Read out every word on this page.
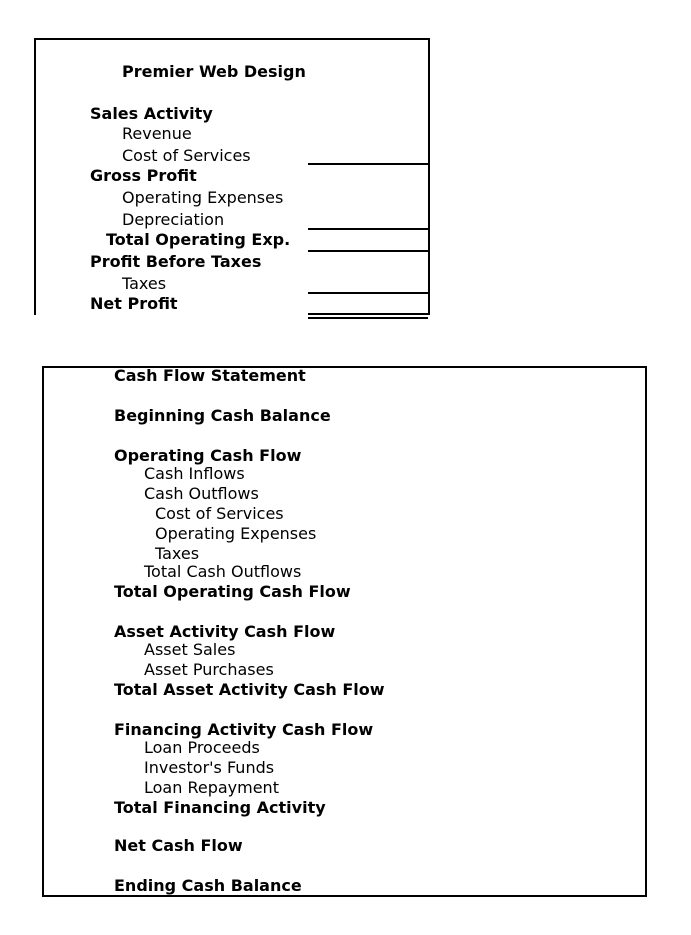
Premier Web Design
Sales Activity
Revenue
Cost of Services
Gross Profit
Operating Expenses
Depreciation
Total Operating Exp.
Profit Before Taxes
Taxes
Net Profit
Cash Flow Statement
Beginning Cash Balance
Operating Cash Flow
Cash Inflows
Cash Outflows
Cost of Services
Operating Expenses
Taxes
Total Cash Outflows
Total Operating Cash Flow
Asset Activity Cash Flow
Asset Sales
Asset Purchases
Total Asset Activity Cash Flow
Financing Activity Cash Flow
Loan Proceeds
Investor's Funds
Loan Repayment
Total Financing Activity
Net Cash Flow
Ending Cash Balance
